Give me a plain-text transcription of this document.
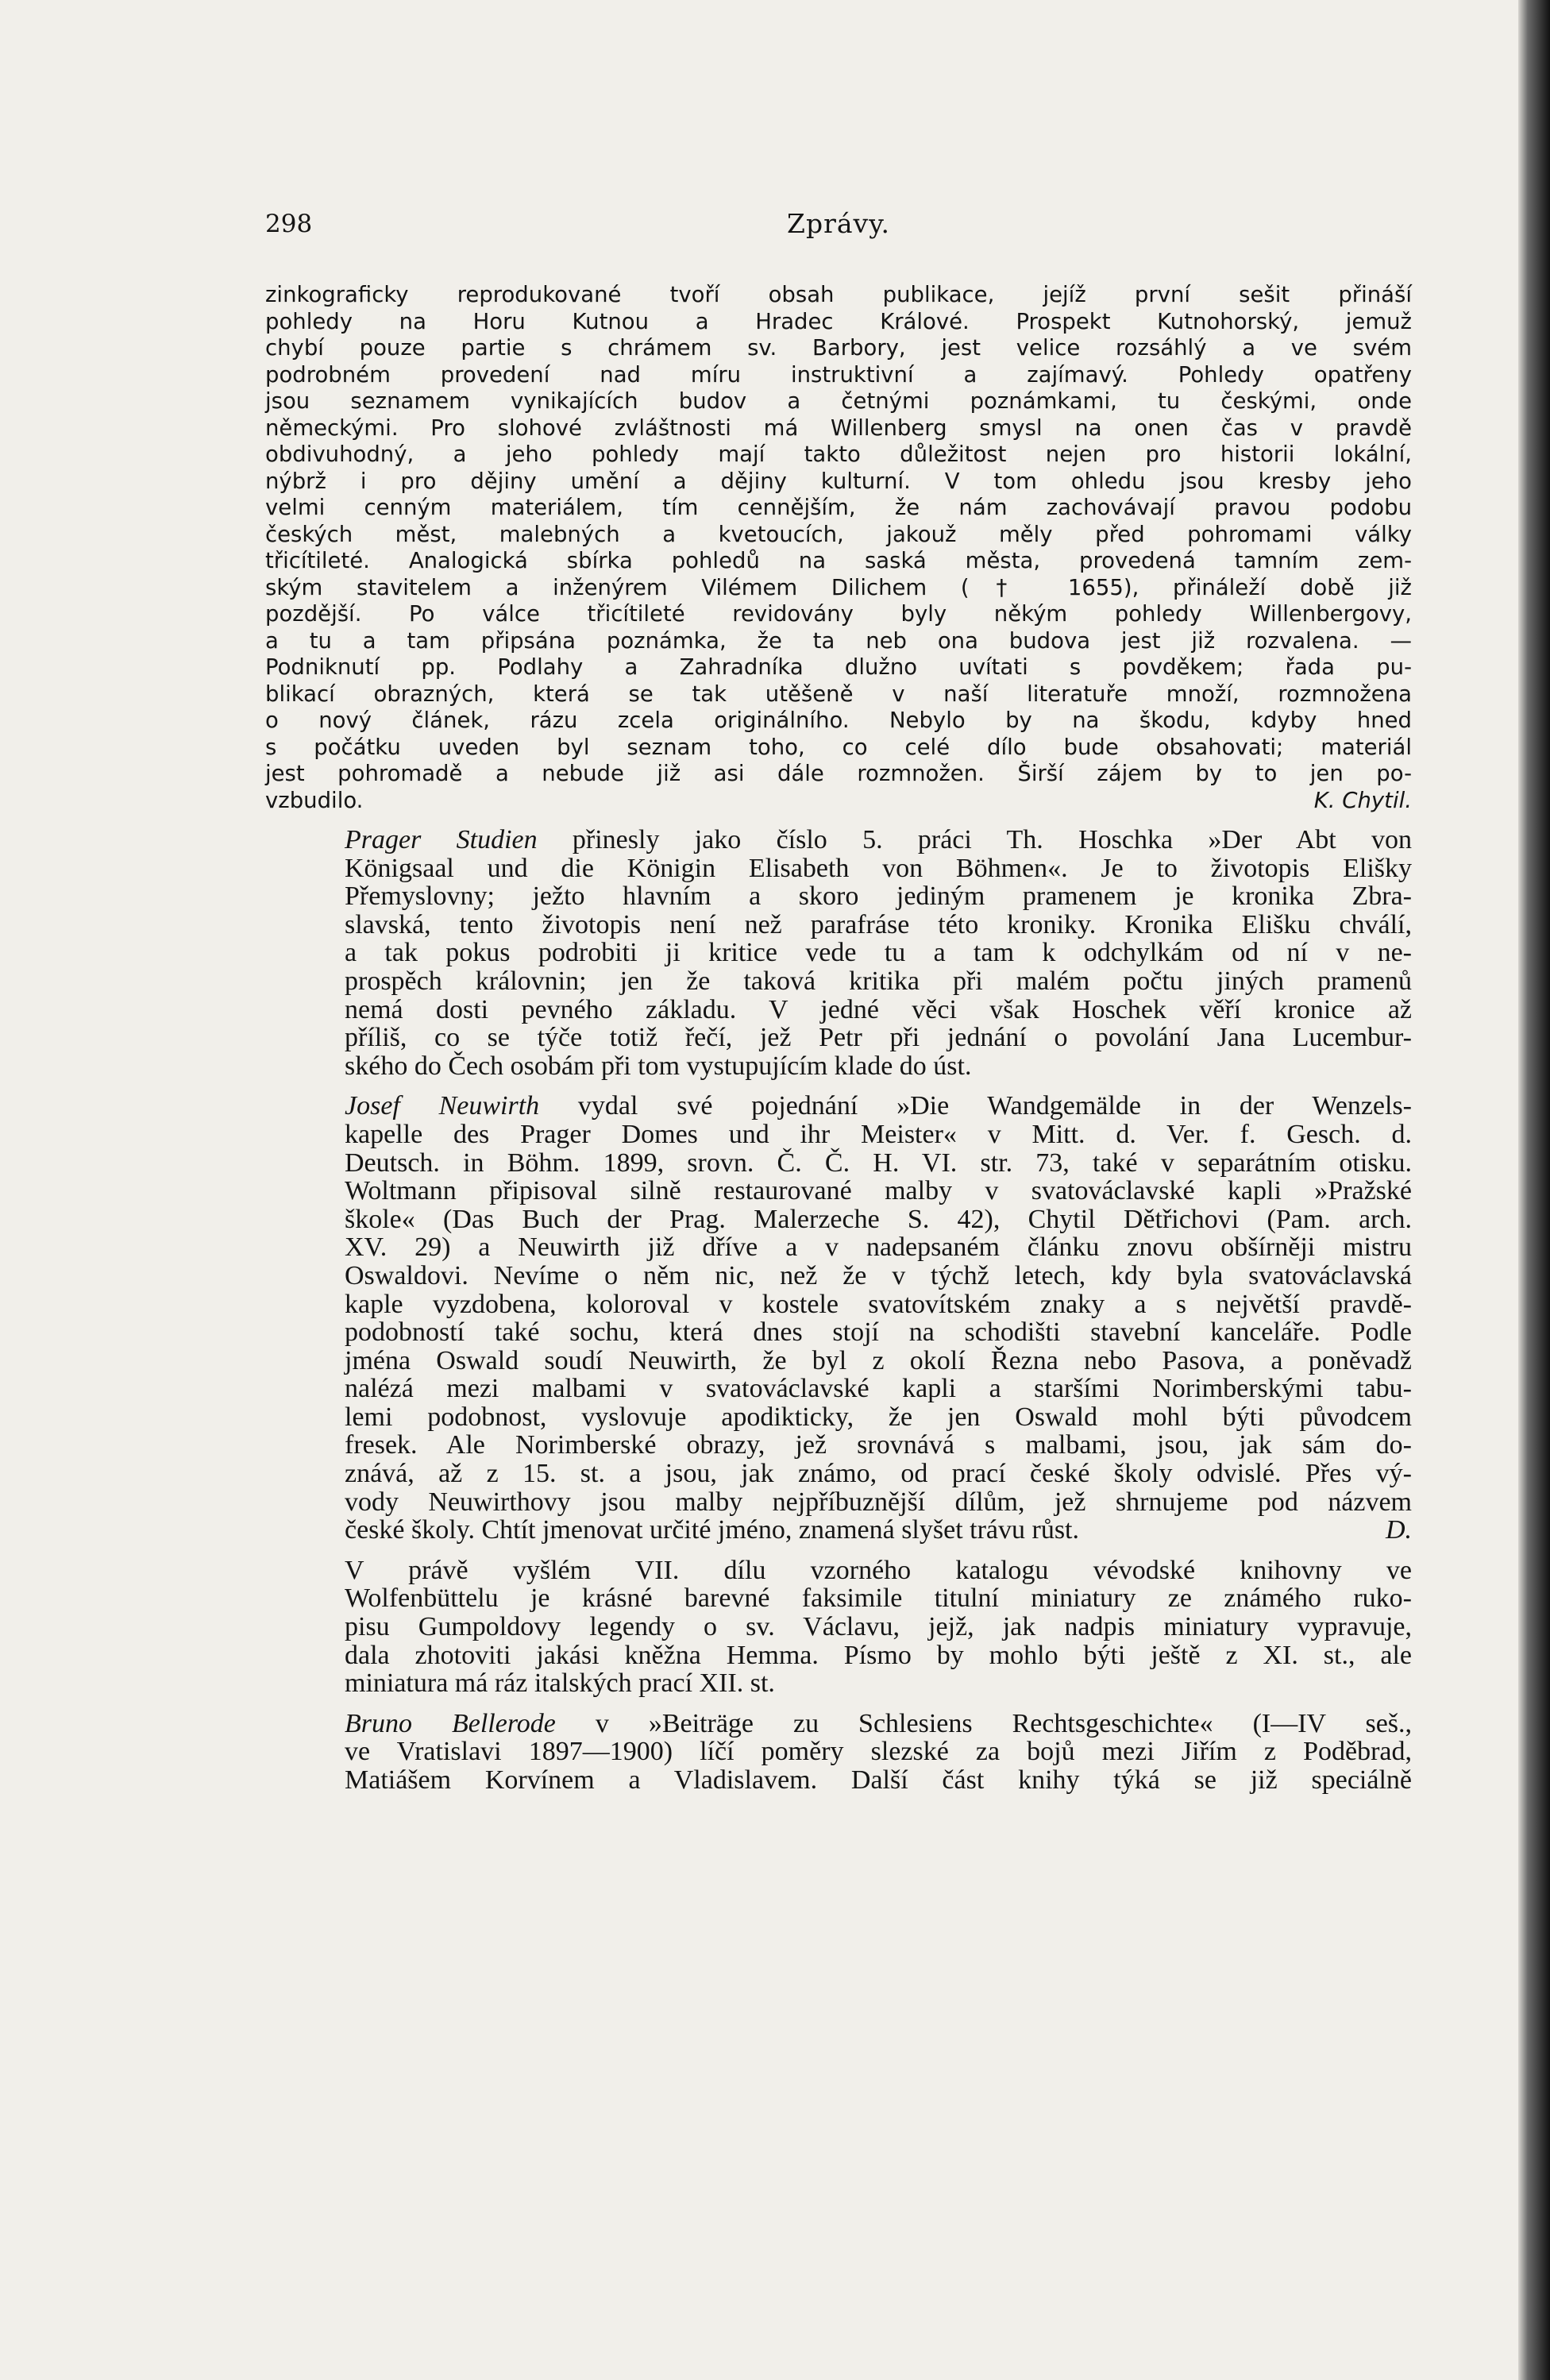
298	Zprávy.
zinkograficky reprodukované tvoří obsah publikace, jejíž první sešit přináší
pohledy na Horu Kutnou a Hradec Králové. Prospekt Kutnohorský, jemuž
chybí pouze partie s chrámem sv. Barbory, jest velice rozsáhlý a ve svém
podrobném provedení nad míru instruktivní a zajímavý. Pohledy opatřeny
jsou seznamem vynikajících budov a četnými poznámkami, tu českými, onde
německými. Pro slohové zvláštnosti má Willenberg smysl na onen čas v pravdě
obdivuhodný, a jeho pohledy mají takto důležitost nejen pro historii lokální,
nýbrž i pro dějiny umění a dějiny kulturní. V tom ohledu jsou kresby jeho
velmi cenným materiálem, tím cennějším, že nám zachovávají pravou podobu
českých měst, malebných a kvetoucích, jakouž měly před pohromami války
třicítileté. Analogická sbírka pohledů na saská města, provedená tamním zem-
ským stavitelem a inženýrem Vilémem Dilichem († 1655), přináleží době již
pozdější. Po válce třicítileté revidovány byly někým pohledy Willenbergovy,
a tu a tam připsána poznámka, že ta neb ona budova jest již rozvalena. —
Podniknutí pp. Podlahy a Zahradníka dlužno uvítati s povděkem; řada pu-
blikací obrazných, která se tak utěšeně v naší literatuře množí, rozmnožena
o nový článek, rázu zcela originálního. Nebylo by na škodu, kdyby hned
s počátku uveden byl seznam toho, co celé dílo bude obsahovati; materiál
jest pohromadě a nebude již asi dále rozmnožen. Širší zájem by to jen po-
vzbudilo.	K. Chytil.
Prager Studien přinesly jako číslo 5. práci Th. Hoschka »Der Abt von
Königsaal und die Königin Elisabeth von Böhmen«. Je to životopis Elišky
Přemyslovny; ježto hlavním a skoro jediným pramenem je kronika Zbra-
slavská, tento životopis není než parafráse této kroniky. Kronika Elišku chválí,
a tak pokus podrobiti ji kritice vede tu a tam k odchylkám od ní v ne-
prospěch královnin; jen že taková kritika při malém počtu jiných pramenů
nemá dosti pevného základu. V jedné věci však Hoschek věří kronice až
příliš, co se týče totiž řečí, jež Petr při jednání o povolání Jana Lucembur-
ského do Čech osobám při tom vystupujícím klade do úst.
Josef Neuwirth vydal své pojednání »Die Wandgemälde in der Wenzels-
kapelle des Prager Domes und ihr Meister« v Mitt. d. Ver. f. Gesch. d.
Deutsch. in Böhm. 1899, srovn. Č. Č. H. VI. str. 73, také v separátním otisku.
Woltmann připisoval silně restaurované malby v svatováclavské kapli »Pražské
škole« (Das Buch der Prag. Malerzeche S. 42), Chytil Dětřichovi (Pam. arch.
XV. 29) a Neuwirth již dříve a v nadepsaném článku znovu obšírněji mistru
Oswaldovi. Nevíme o něm nic, než že v týchž letech, kdy byla svatováclavská
kaple vyzdobena, koloroval v kostele svatovítském znaky a s největší pravdě-
podobností také sochu, která dnes stojí na schodišti stavební kanceláře. Podle
jména Oswald soudí Neuwirth, že byl z okolí Řezna nebo Pasova, a poněvadž
nalézá mezi malbami v svatováclavské kapli a staršími Norimberskými tabu-
lemi podobnost, vyslovuje apodikticky, že jen Oswald mohl býti původcem
fresek. Ale Norimberské obrazy, jež srovnává s malbami, jsou, jak sám do-
znává, až z 15. st. a jsou, jak známo, od prací české školy odvislé. Přes vý-
vody Neuwirthovy jsou malby nejpříbuznější dílům, jež shrnujeme pod názvem
české školy. Chtít jmenovat určité jméno, znamená slyšet trávu růst.	D.
V právě vyšlém VII. dílu vzorného katalogu vévodské knihovny ve
Wolfenbüttelu je krásné barevné faksimile titulní miniatury ze známého ruko-
pisu Gumpoldovy legendy o sv. Václavu, jejž, jak nadpis miniatury vypravuje,
dala zhotoviti jakási kněžna Hemma. Písmo by mohlo býti ještě z XI. st., ale
miniatura má ráz italských prací XII. st.
Bruno Bellerode v »Beiträge zu Schlesiens Rechtsgeschichte« (I—IV seš.,
ve Vratislavi 1897—1900) líčí poměry slezské za bojů mezi Jiřím z Poděbrad,
Matiášem Korvínem a Vladislavem. Další část knihy týká se již speciálně
